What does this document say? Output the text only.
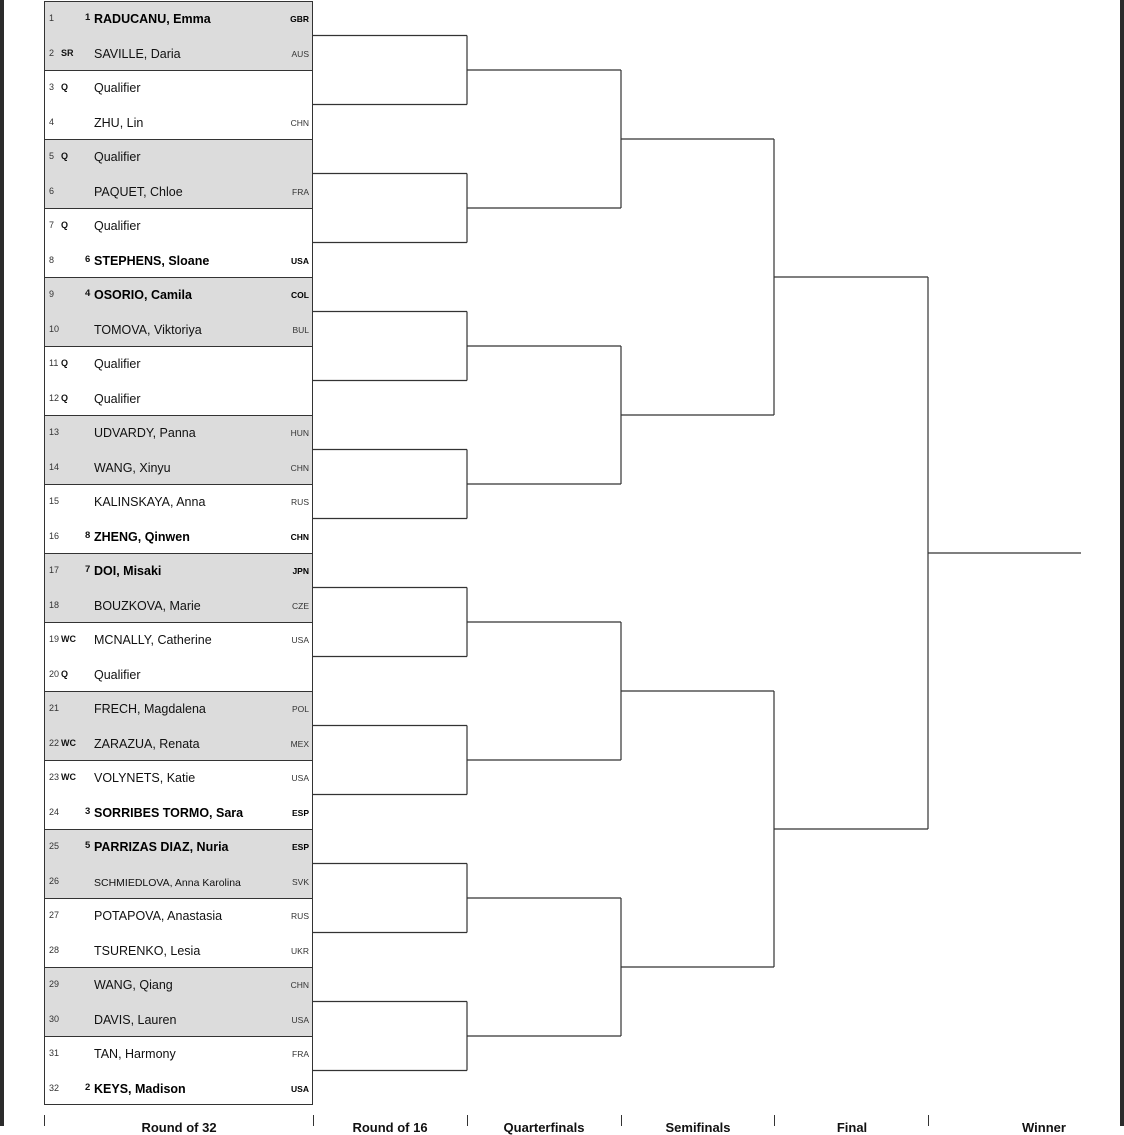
1	1 RADUCANU, Emma	GBR
2 SR SAVILLE, Daria	AUS
3 Q Qualifier
4	ZHU, Lin	CHN
5 Q Qualifier
6	PAQUET, Chloe	FRA
7 Q Qualifier
8	6 STEPHENS, Sloane	USA
9	4 OSORIO, Camila	COL
10	TOMOVA, Viktoriya	BUL
11 Q Qualifier
12 Q Qualifier
13	UDVARDY, Panna	HUN
14	WANG, Xinyu	CHN
15	KALINSKAYA, Anna	RUS
16	8 ZHENG, Qinwen	CHN
17	7 DOI, Misaki	JPN
18	BOUZKOVA, Marie	CZE
19 WC MCNALLY, Catherine	USA
20 Q Qualifier
21	FRECH, Magdalena	POL
22 WC ZARAZUA, Renata	MEX
23 WC VOLYNETS, Katie	USA
24	3 SORRIBES TORMO, Sara	ESP
25	5 PARRIZAS DIAZ, Nuria	ESP
26	SCHMIEDLOVA, Anna Karolina	SVK
27	POTAPOVA, Anastasia	RUS
28	TSURENKO, Lesia	UKR
29	WANG, Qiang	CHN
30	DAVIS, Lauren	USA
31	TAN, Harmony	FRA
32	2 KEYS, Madison	USA
Round of 32	Round of 16	Quarterfinals	Semifinals	Final	Winner
